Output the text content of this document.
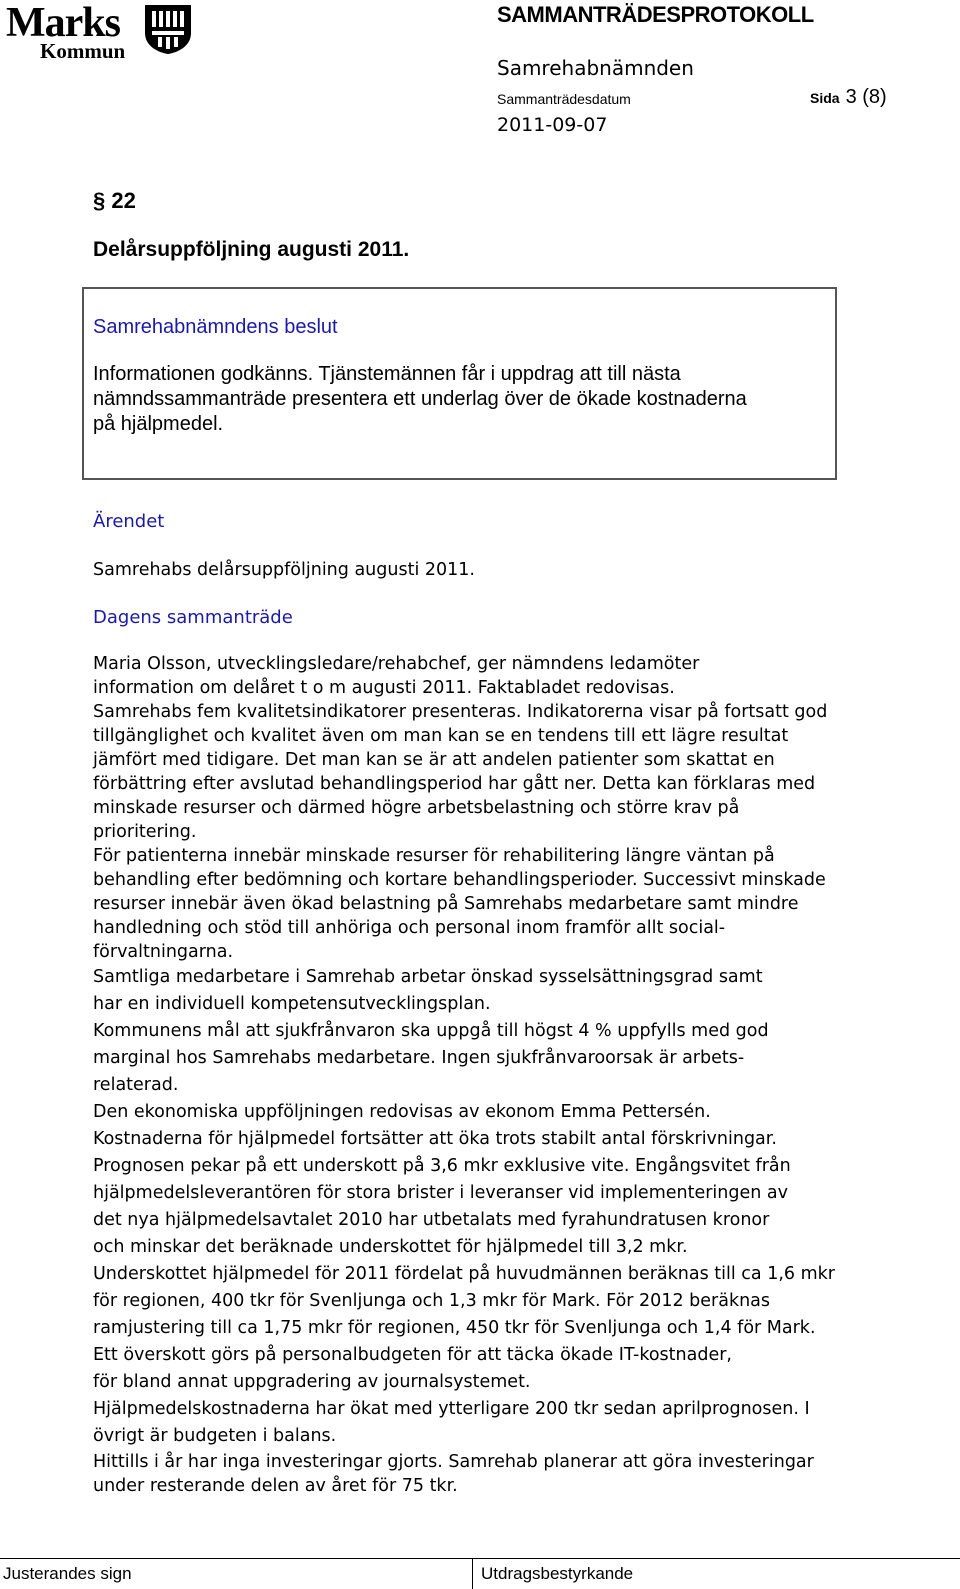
Marks
Kommun
SAMMANTRÄDESPROTOKOLL
Samrehabnämnden
Sammanträdesdatum	Sida 3 (8)
2011-09-07
§ 22
Delårsuppföljning augusti 2011.
Samrehabnämndens beslut

Informationen godkänns. Tjänstemännen får i uppdrag att till nästa

nämndssammanträde presentera ett underlag över de ökade kostnaderna

på hjälpmedel.

Ärendet
Samrehabs delårsuppföljning augusti 2011.
Dagens sammanträde

Maria Olsson, utvecklingsledare/rehabchef, ger nämndens ledamöter

information om delåret t o m augusti 2011. Faktabladet redovisas.

Samrehabs fem kvalitetsindikatorer presenteras. Indikatorerna visar på fortsatt god

tillgänglighet och kvalitet även om man kan se en tendens till ett lägre resultat

jämfört med tidigare. Det man kan se är att andelen patienter som skattat en

förbättring efter avslutad behandlingsperiod har gått ner. Detta kan förklaras med

minskade resurser och därmed högre arbetsbelastning och större krav på

prioritering.

För patienterna innebär minskade resurser för rehabilitering längre väntan på

behandling efter bedömning och kortare behandlingsperioder. Successivt minskade

resurser innebär även ökad belastning på Samrehabs medarbetare samt mindre

handledning och stöd till anhöriga och personal inom framför allt social-

förvaltningarna.

Samtliga medarbetare i Samrehab arbetar önskad sysselsättningsgrad samt

har en individuell kompetensutvecklingsplan.

Kommunens mål att sjukfrånvaron ska uppgå till högst 4 % uppfylls med god

marginal hos Samrehabs medarbetare. Ingen sjukfrånvaroorsak är arbets-

relaterad.

Den ekonomiska uppföljningen redovisas av ekonom Emma Pettersén.

Kostnaderna för hjälpmedel fortsätter att öka trots stabilt antal förskrivningar.

Prognosen pekar på ett underskott på 3,6 mkr exklusive vite. Engångsvitet från

hjälpmedelsleverantören för stora brister i leveranser vid implementeringen av

det nya hjälpmedelsavtalet 2010 har utbetalats med fyrahundratusen kronor

och minskar det beräknade underskottet för hjälpmedel till 3,2 mkr.

Underskottet hjälpmedel för 2011 fördelat på huvudmännen beräknas till ca 1,6 mkr

för regionen, 400 tkr för Svenljunga och 1,3 mkr för Mark. För 2012 beräknas

ramjustering till ca 1,75 mkr för regionen, 450 tkr för Svenljunga och 1,4 för Mark.

Ett överskott görs på personalbudgeten för att täcka ökade IT-kostnader,

för bland annat uppgradering av journalsystemet.

Hjälpmedelskostnaderna har ökat med ytterligare 200 tkr sedan aprilprognosen. I

övrigt är budgeten i balans.

Hittills i år har inga investeringar gjorts. Samrehab planerar att göra investeringar

under resterande delen av året för 75 tkr.

Justerandes sign	Utdragsbestyrkande
